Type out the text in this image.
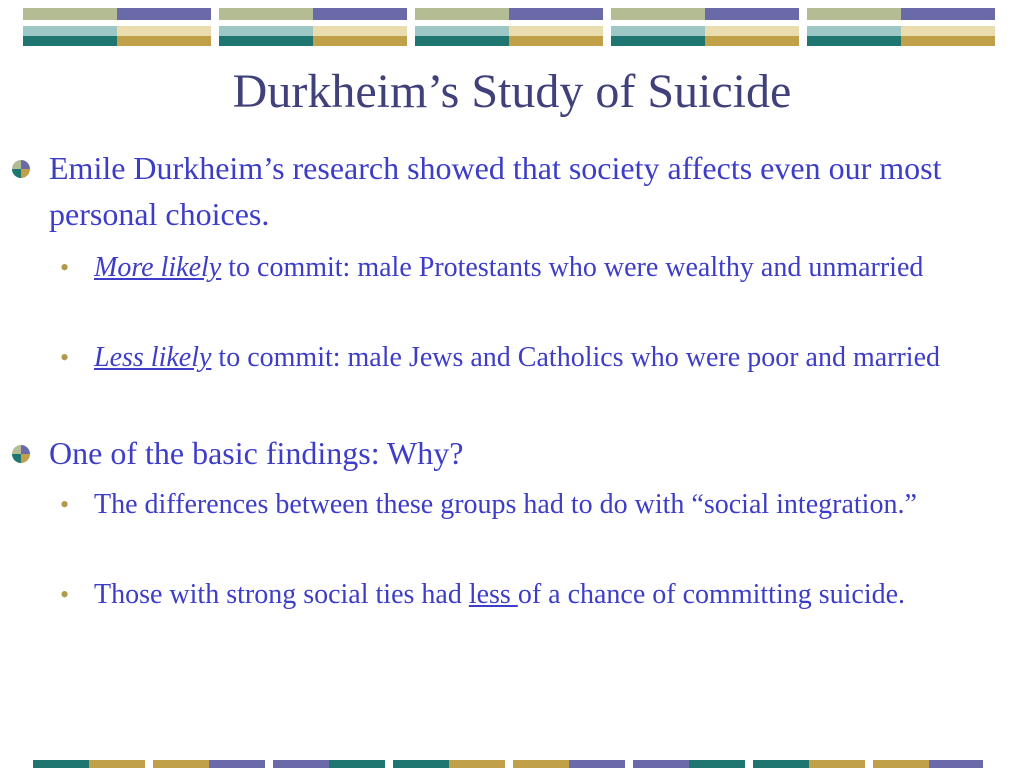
Durkheim’s Study of Suicide
Emile Durkheim’s research showed that society affects even our most personal choices.
• More likely to commit: male Protestants who were wealthy and unmarried
• Less likely to commit: male Jews and Catholics who were poor and married
One of the basic findings: Why?
• The differences between these groups had to do with “social integration.”
• Those with strong social ties had less of a chance of committing suicide.
